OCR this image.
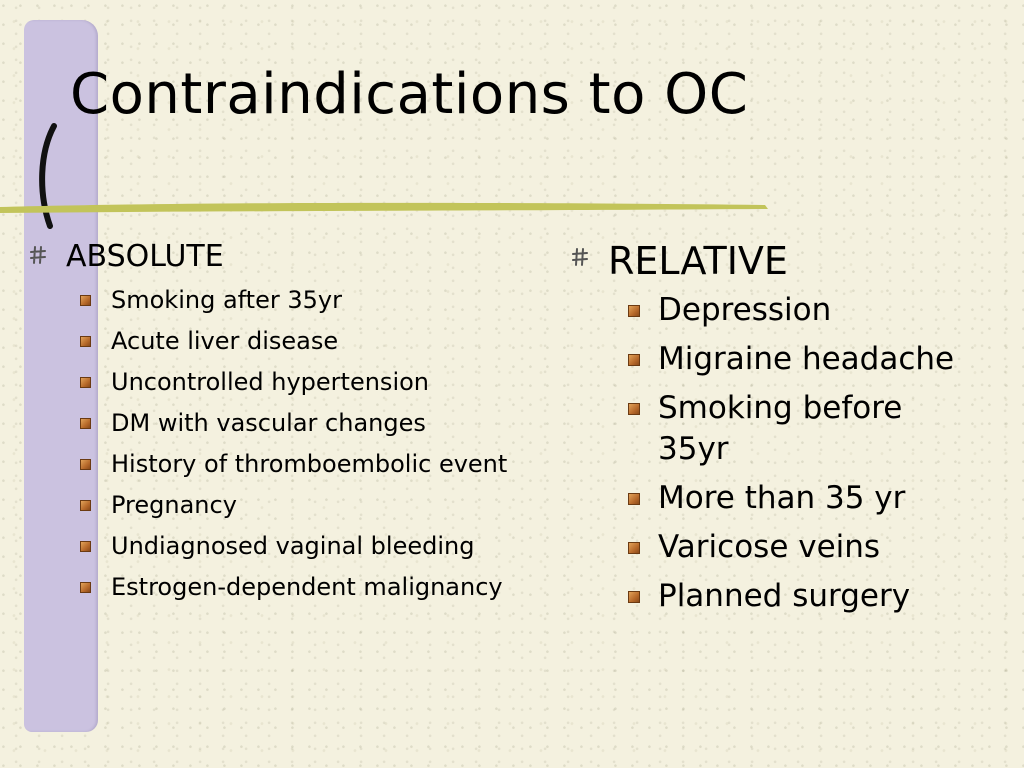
Contraindications to OC
ABSOLUTE
Smoking after 35yr
Acute liver disease
Uncontrolled hypertension
DM with vascular changes
History of thromboembolic event
Pregnancy
Undiagnosed vaginal bleeding
Estrogen-dependent malignancy
RELATIVE
Depression
Migraine headache
Smoking before 35yr
More than 35 yr
Varicose veins
Planned surgery
